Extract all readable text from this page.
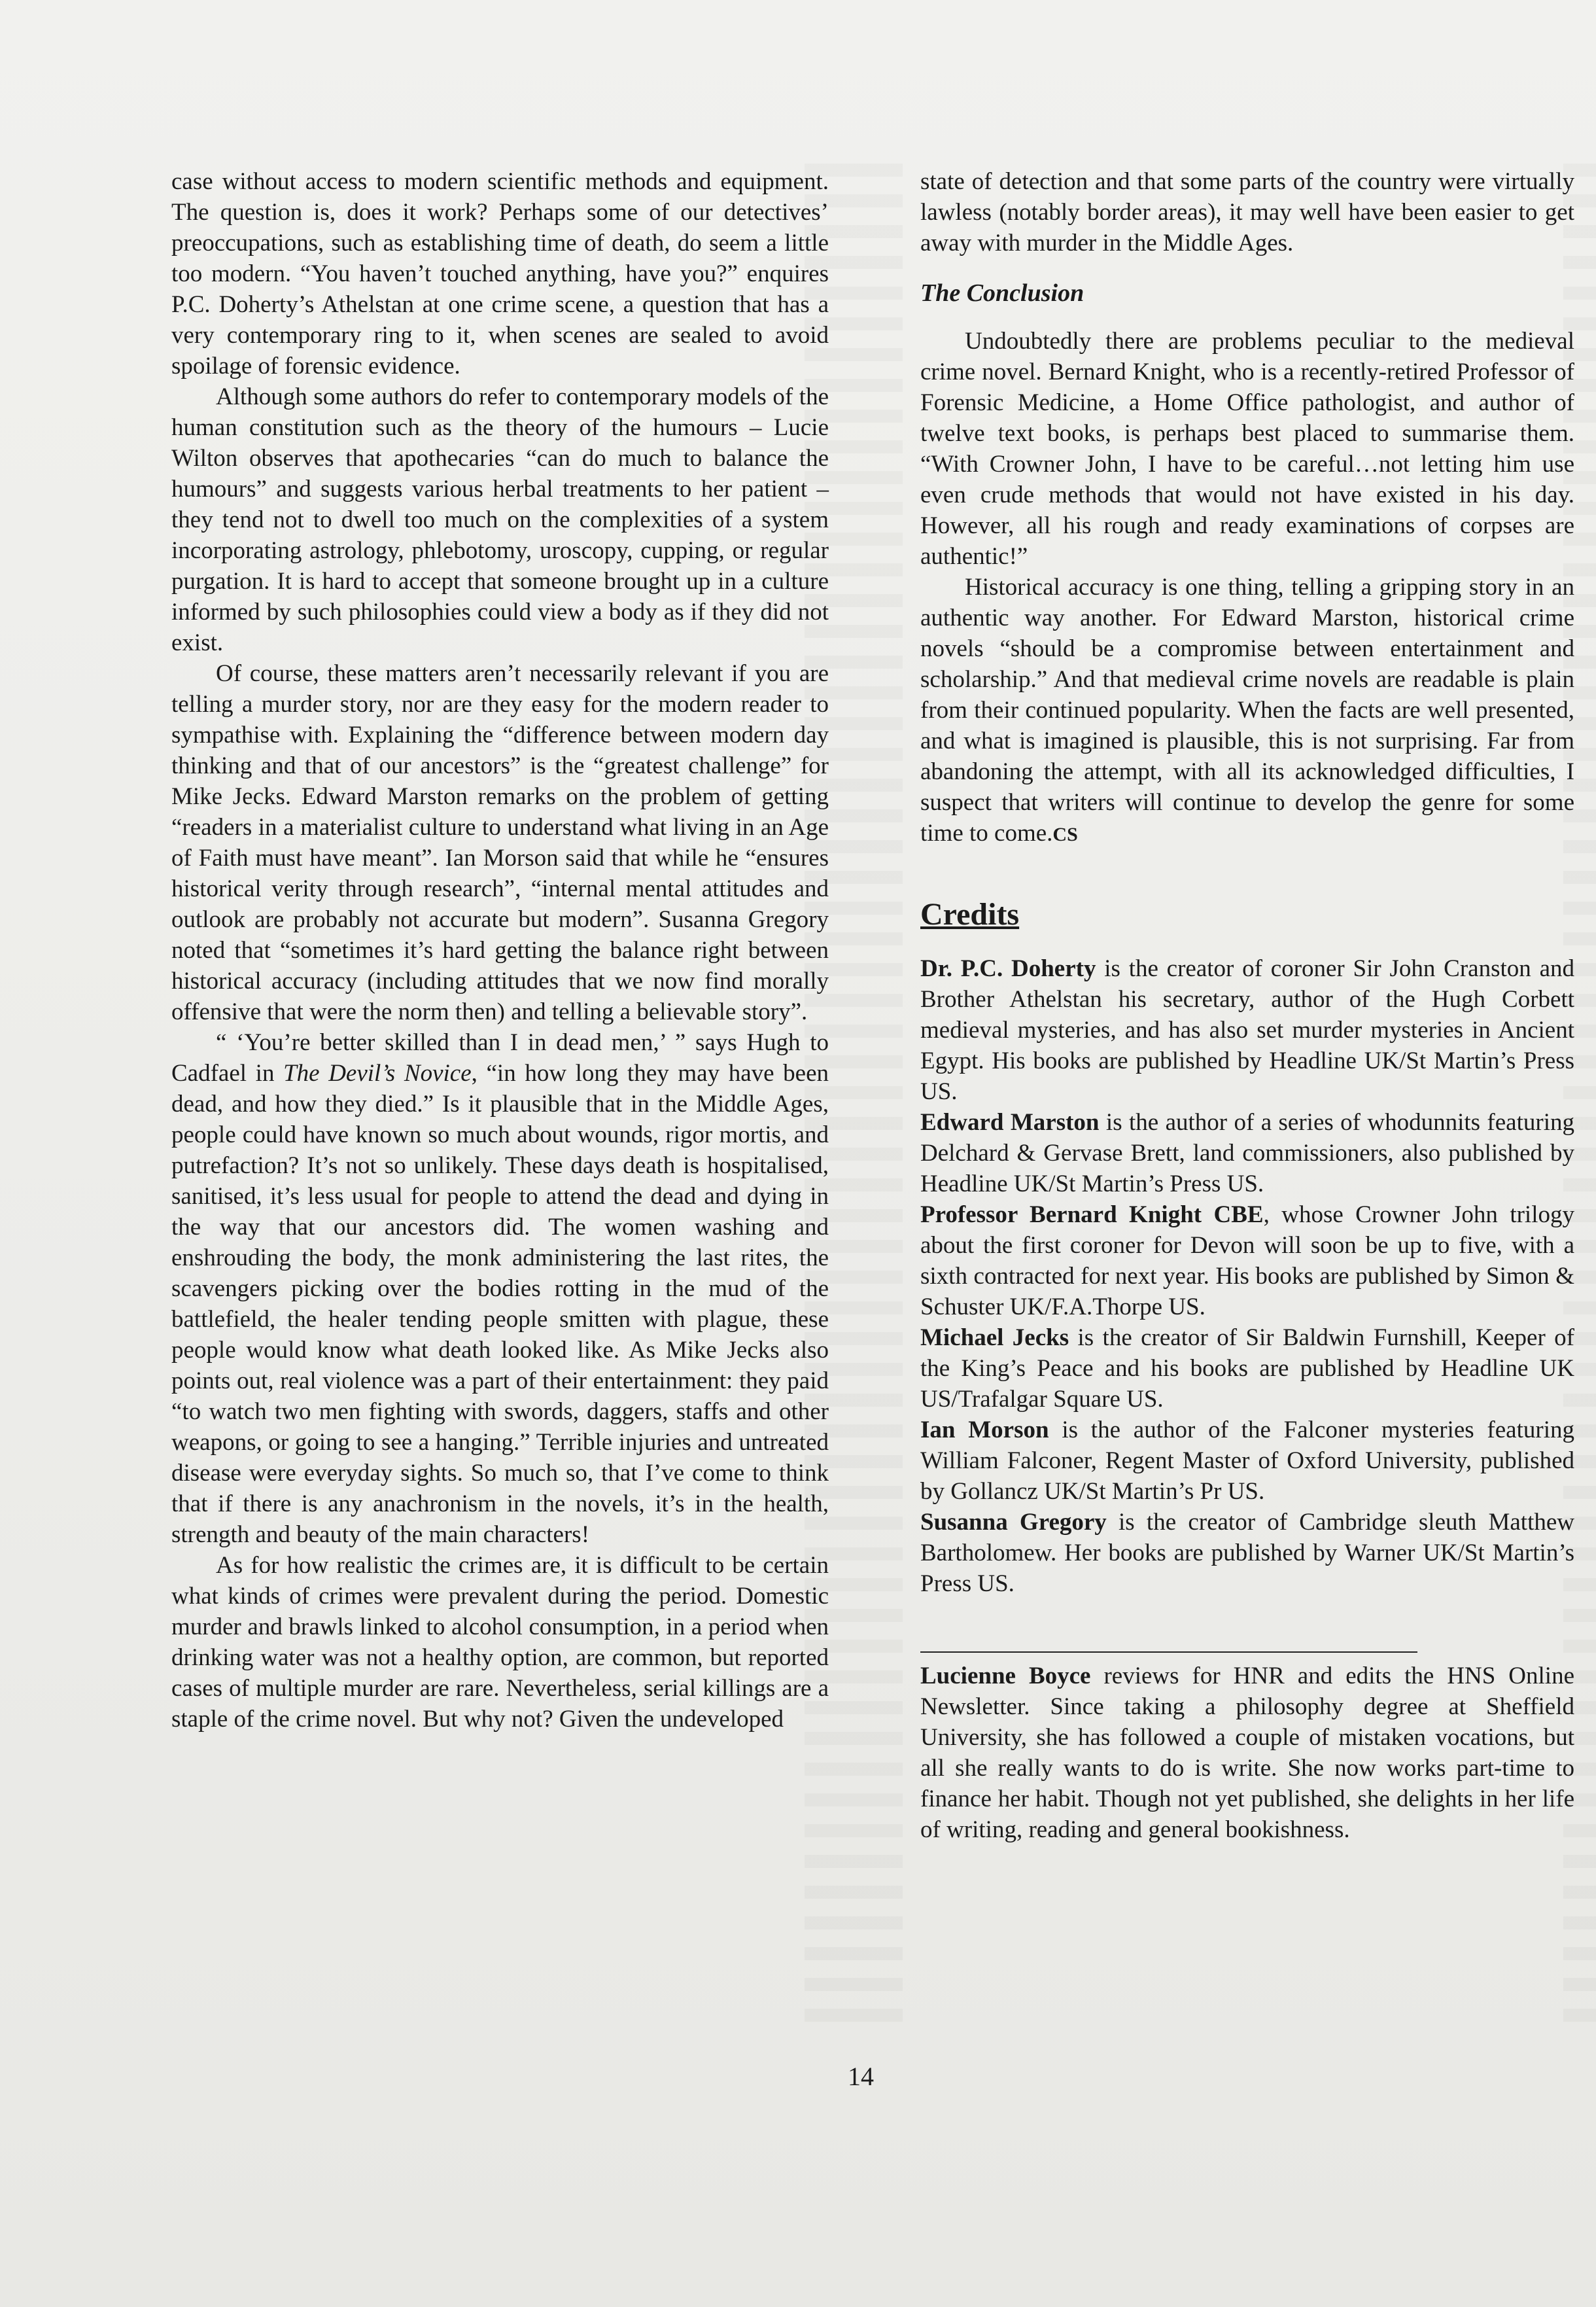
case without access to modern scientific methods and equipment. The question is, does it work? Perhaps some of our detectives’ preoccupations, such as establishing time of death, do seem a little too modern. “You haven’t touched anything, have you?” enquires P.C. Doherty’s Athelstan at one crime scene, a question that has a very contemporary ring to it, when scenes are sealed to avoid spoilage of forensic evidence.

Although some authors do refer to contemporary models of the human constitution such as the theory of the humours – Lucie Wilton observes that apothecaries “can do much to balance the humours” and suggests various herbal treatments to her patient – they tend not to dwell too much on the complexities of a system incorporating astrology, phlebotomy, uroscopy, cupping, or regular purgation. It is hard to accept that someone brought up in a culture informed by such philosophies could view a body as if they did not exist.

Of course, these matters aren’t necessarily relevant if you are telling a murder story, nor are they easy for the modern reader to sympathise with. Explaining the “difference between modern day thinking and that of our ancestors” is the “greatest challenge” for Mike Jecks. Edward Marston remarks on the problem of getting “readers in a materialist culture to understand what living in an Age of Faith must have meant”. Ian Morson said that while he “ensures historical verity through research”, “internal mental attitudes and outlook are probably not accurate but modern”. Susanna Gregory noted that “sometimes it’s hard getting the balance right between historical accuracy (including attitudes that we now find morally offensive that were the norm then) and telling a believable story”.

“ ‘You’re better skilled than I in dead men,’ ” says Hugh to Cadfael in The Devil’s Novice, “in how long they may have been dead, and how they died.” Is it plausible that in the Middle Ages, people could have known so much about wounds, rigor mortis, and putrefaction? It’s not so unlikely. These days death is hospitalised, sanitised, it’s less usual for people to attend the dead and dying in the way that our ancestors did. The women washing and enshrouding the body, the monk administering the last rites, the scavengers picking over the bodies rotting in the mud of the battlefield, the healer tending people smitten with plague, these people would know what death looked like. As Mike Jecks also points out, real violence was a part of their entertainment: they paid “to watch two men fighting with swords, daggers, staffs and other weapons, or going to see a hanging.” Terrible injuries and untreated disease were everyday sights. So much so, that I’ve come to think that if there is any anachronism in the novels, it’s in the health, strength and beauty of the main characters!

As for how realistic the crimes are, it is difficult to be certain what kinds of crimes were prevalent during the period. Domestic murder and brawls linked to alcohol consumption, in a period when drinking water was not a healthy option, are common, but reported cases of multiple murder are rare. Nevertheless, serial killings are a staple of the crime novel. But why not? Given the undeveloped

state of detection and that some parts of the country were virtually lawless (notably border areas), it may well have been easier to get away with murder in the Middle Ages.

The Conclusion

Undoubtedly there are problems peculiar to the medieval crime novel. Bernard Knight, who is a recently-retired Professor of Forensic Medicine, a Home Office pathologist, and author of twelve text books, is perhaps best placed to summarise them. “With Crowner John, I have to be careful…not letting him use even crude methods that would not have existed in his day. However, all his rough and ready examinations of corpses are authentic!”

Historical accuracy is one thing, telling a gripping story in an authentic way another. For Edward Marston, historical crime novels “should be a compromise between entertainment and scholarship.” And that medieval crime novels are readable is plain from their continued popularity. When the facts are well presented, and what is imagined is plausible, this is not surprising. Far from abandoning the attempt, with all its acknowledged difficulties, I suspect that writers will continue to develop the genre for some time to come.CS

Credits

Dr. P.C. Doherty is the creator of coroner Sir John Cranston and Brother Athelstan his secretary, author of the Hugh Corbett medieval mysteries, and has also set murder mysteries in Ancient Egypt. His books are published by Headline UK/St Martin’s Press US.

Edward Marston is the author of a series of whodunnits featuring Delchard & Gervase Brett, land commissioners, also published by Headline UK/St Martin’s Press US.

Professor Bernard Knight CBE, whose Crowner John trilogy about the first coroner for Devon will soon be up to five, with a sixth contracted for next year. His books are published by Simon & Schuster UK/F.A.Thorpe US.

Michael Jecks is the creator of Sir Baldwin Furnshill, Keeper of the King’s Peace and his books are published by Headline UK US/Trafalgar Square US.

Ian Morson is the author of the Falconer mysteries featuring William Falconer, Regent Master of Oxford University, published by Gollancz UK/St Martin’s Pr US.

Susanna Gregory is the creator of Cambridge sleuth Matthew Bartholomew. Her books are published by Warner UK/St Martin’s Press US.

Lucienne Boyce reviews for HNR and edits the HNS Online Newsletter. Since taking a philosophy degree at Sheffield University, she has followed a couple of mistaken vocations, but all she really wants to do is write. She now works part-time to finance her habit. Though not yet published, she delights in her life of writing, reading and general bookishness.

14
